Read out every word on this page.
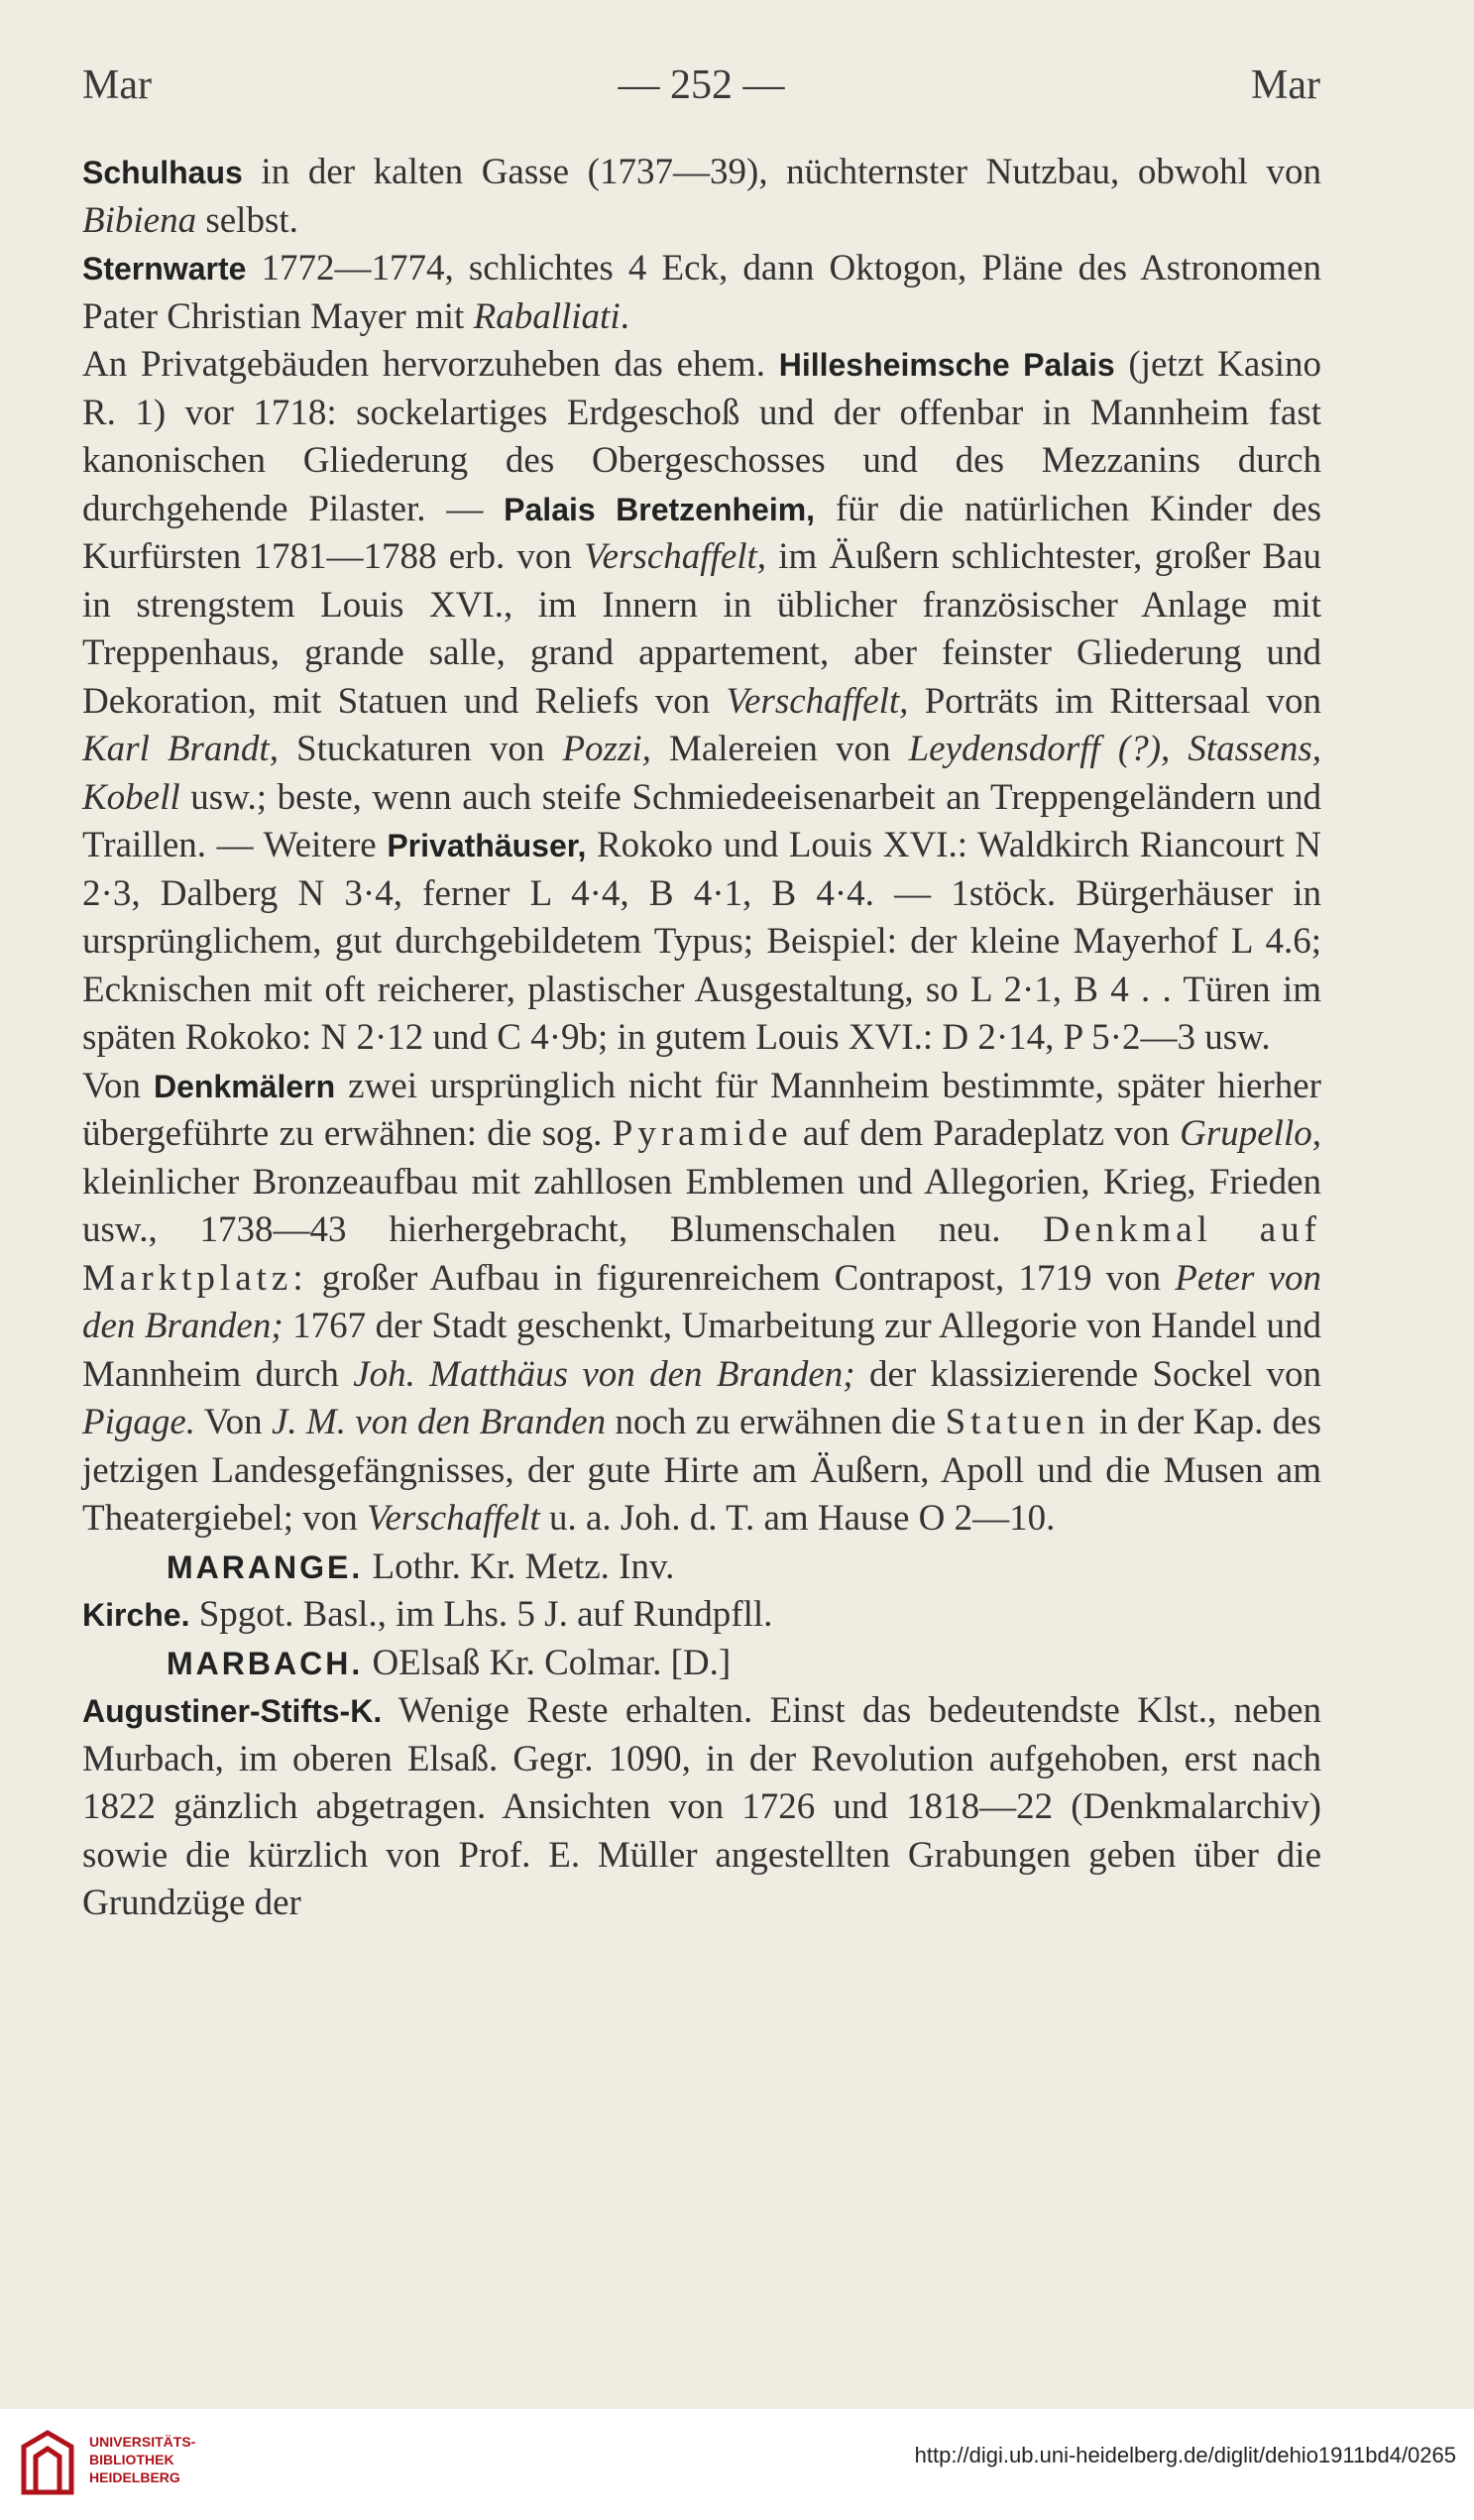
Mar	— 252 —	Mar

Schulhaus in der kalten Gasse (1737—39), nüchternster Nutzbau, obwohl von Bibiena selbst.

Sternwarte 1772—1774, schlichtes 4 Eck, dann Oktogon, Pläne des Astronomen Pater Christian Mayer mit Raballiati.

An Privatgebäuden hervorzuheben das ehem. Hillesheimsche Palais (jetzt Kasino R. 1) vor 1718: sockelartiges Erdgeschoß und der offenbar in Mannheim fast kanonischen Gliederung des Obergeschosses und des Mezzanins durch durchgehende Pilaster. — Palais Bretzenheim, für die natürlichen Kinder des Kurfürsten 1781—1788 erb. von Verschaffelt, im Äußern schlichtester, großer Bau in strengstem Louis XVI., im Innern in üblicher französischer Anlage mit Treppenhaus, grande salle, grand appartement, aber feinster Gliederung und Dekoration, mit Statuen und Reliefs von Verschaffelt, Porträts im Rittersaal von Karl Brandt, Stuckaturen von Pozzi, Malereien von Leydensdorff (?), Stassens, Kobell usw.; beste, wenn auch steife Schmiedeeisenarbeit an Treppengeländern und Traillen. — Weitere Privathäuser, Rokoko und Louis XVI.: Waldkirch Riancourt N 2·3, Dalberg N 3·4, ferner L 4·4, B 4·1, B 4·4. — 1stöck. Bürgerhäuser in ursprünglichem, gut durchgebildetem Typus; Beispiel: der kleine Mayerhof L 4.6; Ecknischen mit oft reicherer, plastischer Ausgestaltung, so L 2·1, B 4 . . Türen im späten Rokoko: N 2·12 und C 4·9b; in gutem Louis XVI.: D 2·14, P 5·2—3 usw.

Von Denkmälern zwei ursprünglich nicht für Mannheim bestimmte, später hierher übergeführte zu erwähnen: die sog. Pyramide auf dem Paradeplatz von Grupello, kleinlicher Bronzeaufbau mit zahllosen Emblemen und Allegorien, Krieg, Frieden usw., 1738—43 hierhergebracht, Blumenschalen neu. Denkmal auf Marktplatz: großer Aufbau in figurenreichem Contrapost, 1719 von Peter von den Branden; 1767 der Stadt geschenkt, Umarbeitung zur Allegorie von Handel und Mannheim durch Joh. Matthäus von den Branden; der klassizierende Sockel von Pigage. Von J. M. von den Branden noch zu erwähnen die Statuen in der Kap. des jetzigen Landesgefängnisses, der gute Hirte am Äußern, Apoll und die Musen am Theatergiebel; von Verschaffelt u. a. Joh. d. T. am Hause O 2—10.

MARANGE. Lothr. Kr. Metz. Inv.

Kirche. Spgot. Basl., im Lhs. 5 J. auf Rundpfll.

MARBACH. OElsaß Kr. Colmar. [D.]

Augustiner-Stifts-K. Wenige Reste erhalten. Einst das bedeutendste Klst., neben Murbach, im oberen Elsaß. Gegr. 1090, in der Revolution aufgehoben, erst nach 1822 gänzlich abgetragen. Ansichten von 1726 und 1818—22 (Denkmalarchiv) sowie die kürzlich von Prof. E. Müller angestellten Grabungen geben über die Grundzüge der

UNIVERSITÄTS-
BIBLIOTHEK
HEIDELBERG
http://digi.ub.uni-heidelberg.de/diglit/dehio1911bd4/0265
